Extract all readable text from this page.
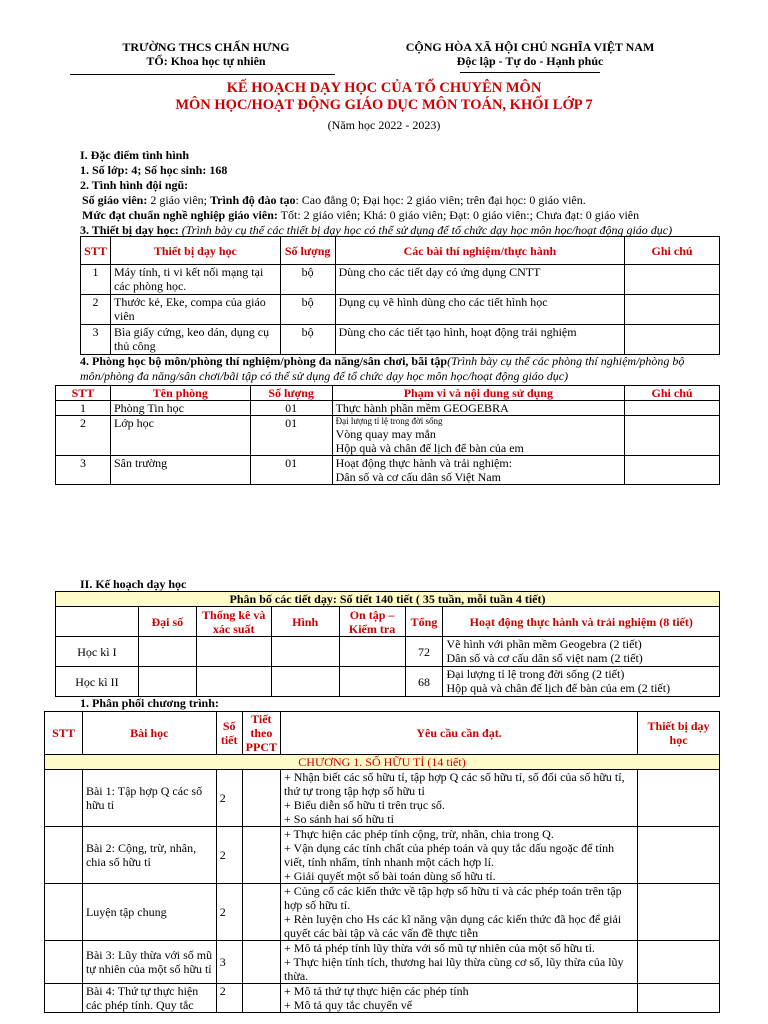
TRƯỜNG THCS CHẤN HƯNG
TỔ: Khoa học tự nhiên
CỘNG HÒA XÃ HỘI CHỦ NGHĨA VIỆT NAM
Độc lập - Tự do - Hạnh phúc
KẾ HOẠCH DẠY HỌC CỦA TỔ CHUYÊN MÔN
MÔN HỌC/HOẠT ĐỘNG GIÁO DỤC MÔN TOÁN, KHỐI LỚP 7
(Năm học 2022 - 2023)
I. Đặc điểm tình hình
1. Số lớp: 4; Số học sinh: 168
2. Tình hình đội ngũ:
Số giáo viên: 2 giáo viên; Trình độ đào tạo: Cao đẳng 0; Đại học: 2 giáo viên; trên đại học: 0 giáo viên.
Mức đạt chuẩn nghề nghiệp giáo viên: Tốt: 2 giáo viên; Khá: 0 giáo viên; Đạt: 0 giáo viên:; Chưa đạt: 0 giáo viên
3. Thiết bị dạy học: (Trình bày cụ thể các thiết bị dạy học có thể sử dụng để tổ chức dạy học môn học/hoạt động giáo dục)
STT	Thiết bị dạy học	Số lượng	Các bài thí nghiệm/thực hành	Ghi chú
1	Máy tính, ti vi kết nối mạng tại các phòng học.	bộ	Dùng cho các tiết dạy có ứng dụng CNTT	
2	Thước kẻ, Eke, compa của giáo viên	bộ	Dụng cụ vẽ hình dùng cho các tiết hình học	
3	Bìa giấy cứng, keo dán, dụng cụ thủ công	bộ	Dùng cho các tiết tạo hình, hoạt động trải nghiệm	
4. Phòng học bộ môn/phòng thí nghiệm/phòng đa năng/sân chơi, bãi tập(Trình bày cụ thể các phòng thí nghiệm/phòng bộ môn/phòng đa năng/sân chơi/bãi tập có thể sử dụng để tổ chức dạy học môn học/hoạt động giáo dục)
STT	Tên phòng	Số lượng	Phạm vi và nội dung sử dụng	Ghi chú
1	Phòng Tin học	01	Thực hành phần mềm GEOGEBRA	
2	Lớp học	01	Đại lượng tỉ lệ trong đời sống
Vòng quay may mắn
Hộp quà và chân đế lịch để bàn của em	

3	Sân trường	01	Hoạt động thực hành và trải nghiệm:
Dân số và cơ cấu dân số Việt Nam	

II. Kế hoạch dạy học
Phân bố các tiết dạy: Số tiết 140 tiết ( 35 tuần, mỗi tuần 4 tiết)						
	Đại số	Thống kê và xác suất	Hình	On tập – Kiểm tra	Tổng	Hoạt động thực hành và trải nghiệm (8 tiết)
Học kì I					72	Vẽ hình với phần mềm Geogebra (2 tiết)
Dân số và cơ cấu dân số việt nam (2 tiết)

Học kì II					68	Đại lượng tỉ lệ trong đời sống (2 tiết)
Hộp quà và chân đế lịch để bàn của em (2 tiết)
1. Phân phối chương trình:
STT	Bài học	Số tiết	Tiết theo PPCT	Yêu cầu cần đạt.	Thiết bị dạy học
CHƯƠNG 1. SỐ HỮU TỈ (14 tiết)					
	Bài 1: Tập hợp Q các số hữu tỉ	2		+ Nhận biết các số hữu tỉ, tập hợp Q các số hữu tỉ, số đối của số hữu tỉ, thứ tự trong tập hợp số hữu tỉ
+ Biểu diễn số hữu tỉ trên trục số.
+ So sánh hai số hữu tỉ	

	Bài 2: Cộng, trừ, nhân, chia số hữu tỉ	2		+ Thực hiện các phép tính cộng, trừ, nhân, chia trong Q.
+ Vận dụng các tính chất của phép toán và quy tắc dấu ngoặc để tính viết, tính nhẩm, tính nhanh một cách hợp lí.
+ Giải quyết một số bài toán dùng số hữu tỉ.	

	Luyện tập chung	2		+ Củng cố các kiến thức về tập hợp số hữu tỉ và các phép toán trên tập hợp số hữu tỉ.
+ Rèn luyện cho Hs các kĩ năng vận dụng các kiến thức đã học để giải quyết các bài tập và các vấn đề thực tiễn	

	Bài 3: Lũy thừa với số mũ tự nhiên của một số hữu tỉ	3		+ Mô tả phép tính lũy thừa với số mũ tự nhiên của một số hữu tỉ.
+ Thực hiện tính tích, thương hai lũy thừa cùng cơ số, lũy thừa của lũy thừa.	

	Bài 4: Thứ tự thực hiện các phép tính. Quy tắc	2		+ Mô tả thứ tự thực hiện các phép tính
+ Mô tả quy tắc chuyển vế	
